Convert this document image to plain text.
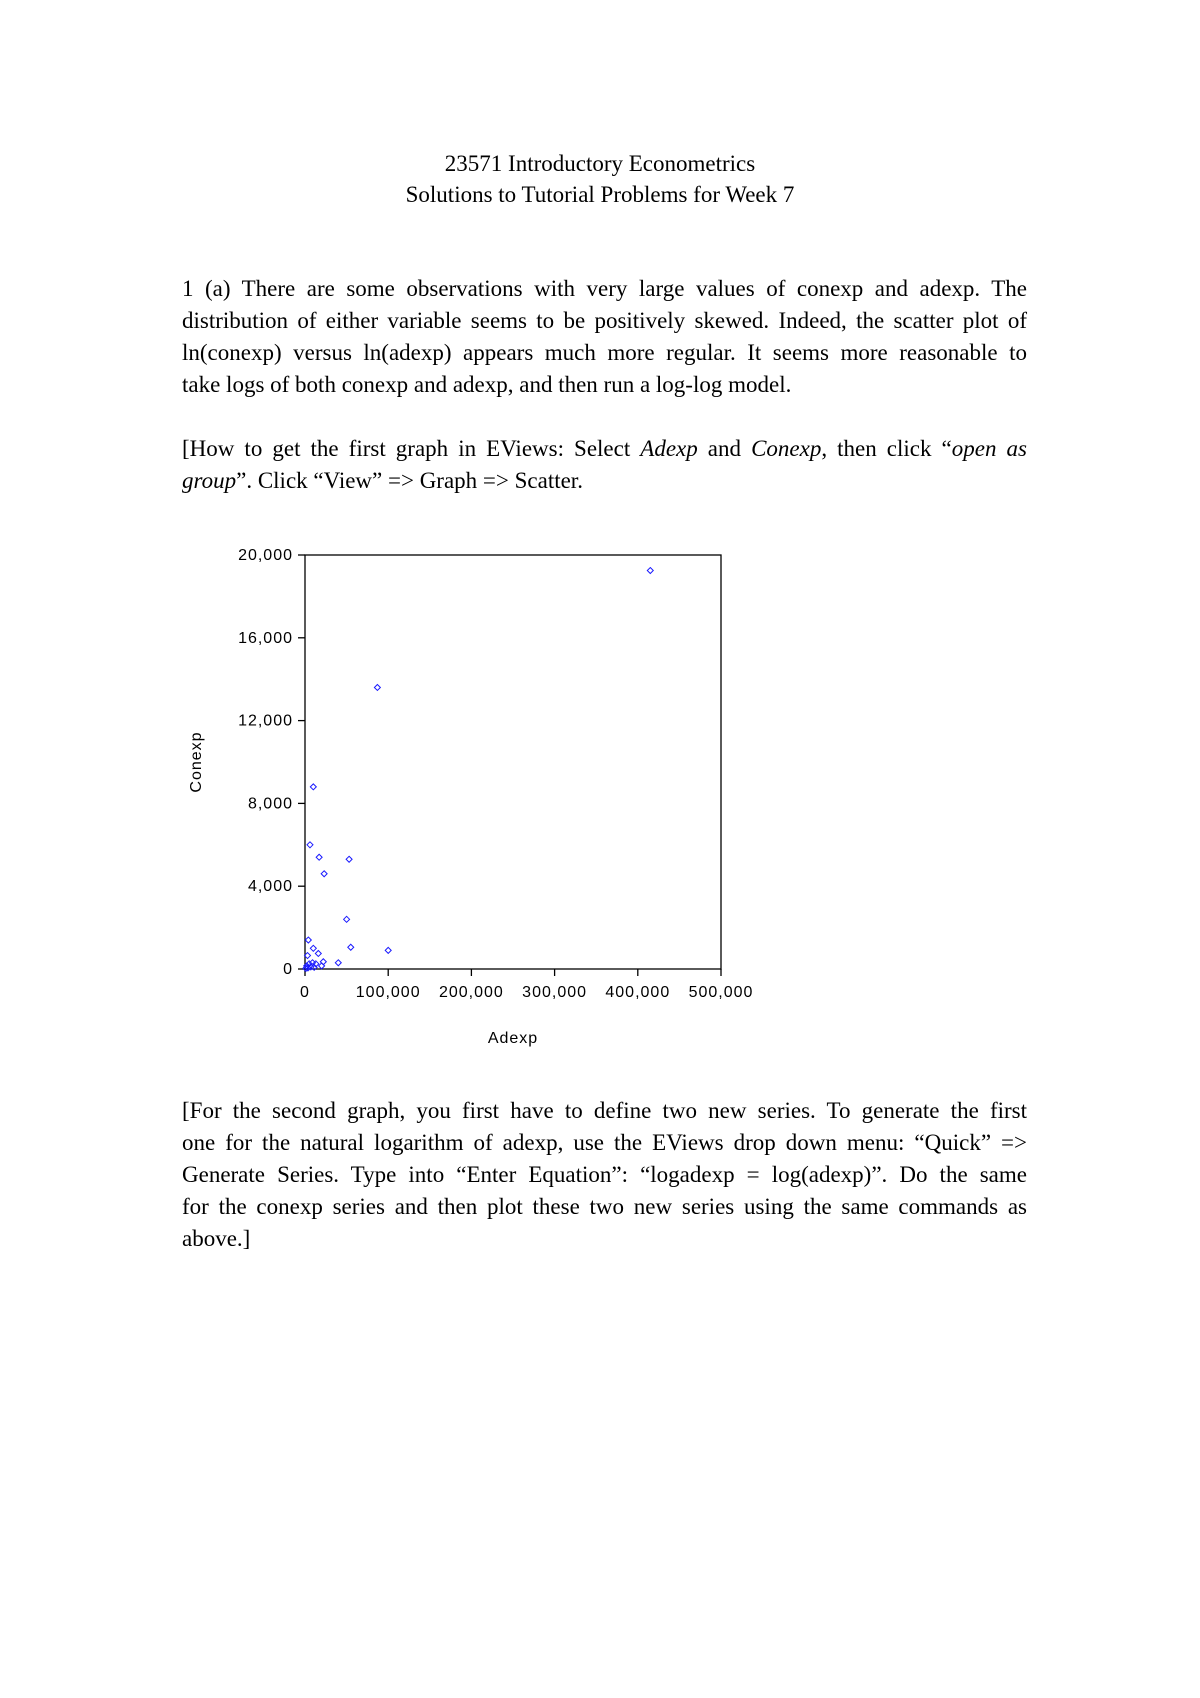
23571 Introductory Econometrics
Solutions to Tutorial Problems for Week 7

1 (a) There are some observations with very large values of conexp and adexp. The
distribution of either variable seems to be positively skewed. Indeed, the scatter plot of
ln(conexp) versus ln(adexp) appears much more regular. It seems more reasonable to
take logs of both conexp and adexp, and then run a log-log model.

[How to get the first graph in EViews: Select Adexp and Conexp, then click “open as
group”. Click “View” => Graph => Scatter.

0
4,000
8,000
12,000
16,000
20,000
0	100,000 200,000 300,000 400,000 500,000
Adexp
Conexp

[For the second graph, you first have to define two new series. To generate the first
one for the natural logarithm of adexp, use the EViews drop down menu: “Quick” =>
Generate Series. Type into “Enter Equation”: “logadexp = log(adexp)”. Do the same
for the conexp series and then plot these two new series using the same commands as
above.]
